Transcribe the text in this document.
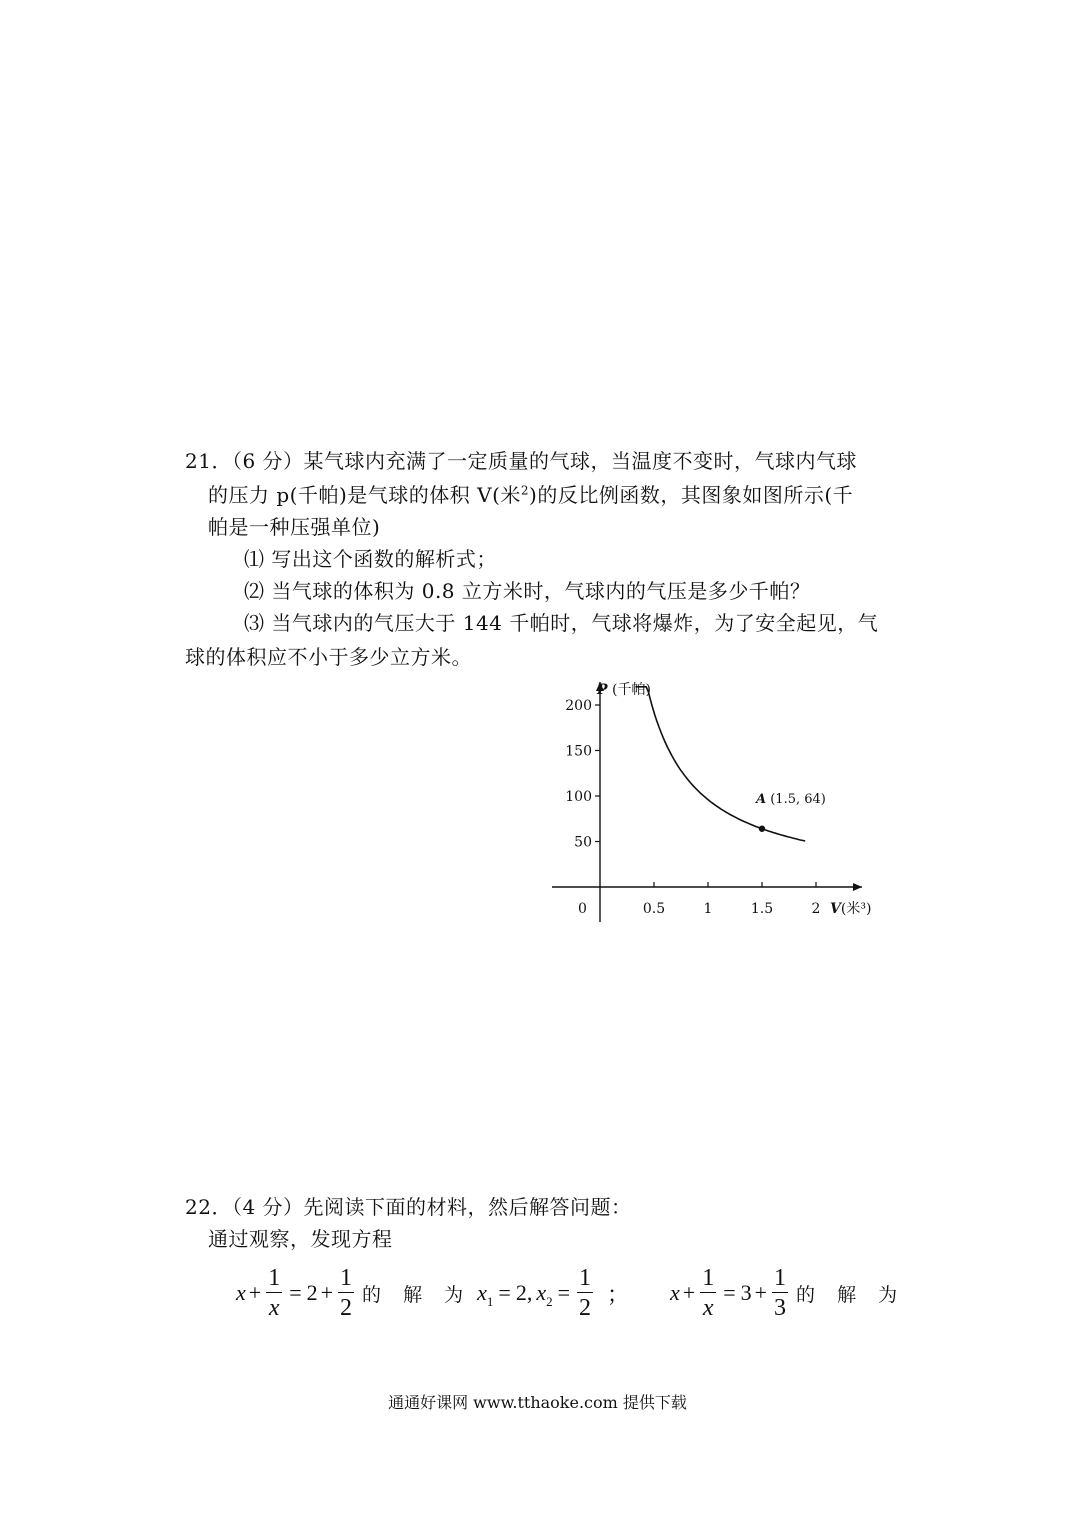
21．（6 分）某气球内充满了一定质量的气球，当温度不变时，气球内气球
的压力 p(千帕)是气球的体积 V(米$^2$)的反比例函数，其图象如图所示(千
帕是一种压强单位)
⑴ 写出这个函数的解析式；
⑵ 当气球的体积为 0.8 立方米时，气球内的气压是多少千帕？
⑶ 当气球内的气压大于 144 千帕时，气球将爆炸，为了安全起见，气
球的体积应不小于多少立方米。
0.5	1	1.5	2
50
100
150
200
A (1.5, 64)
P (千帕)
V(米³)
0
22．（4 分）先阅读下面的材料，然后解答问题：
通过观察，发现方程
$x + \frac{1}{x} = 2 + \frac{1}{2}$ 的 解 为 x 1 = 2 , x $2 = \frac{1}{2}$ ； $x + \frac{1}{x} = 3 + \frac{1}{3}$ 的 解 为
通通好课网 www.tthaoke.com 提供下载
